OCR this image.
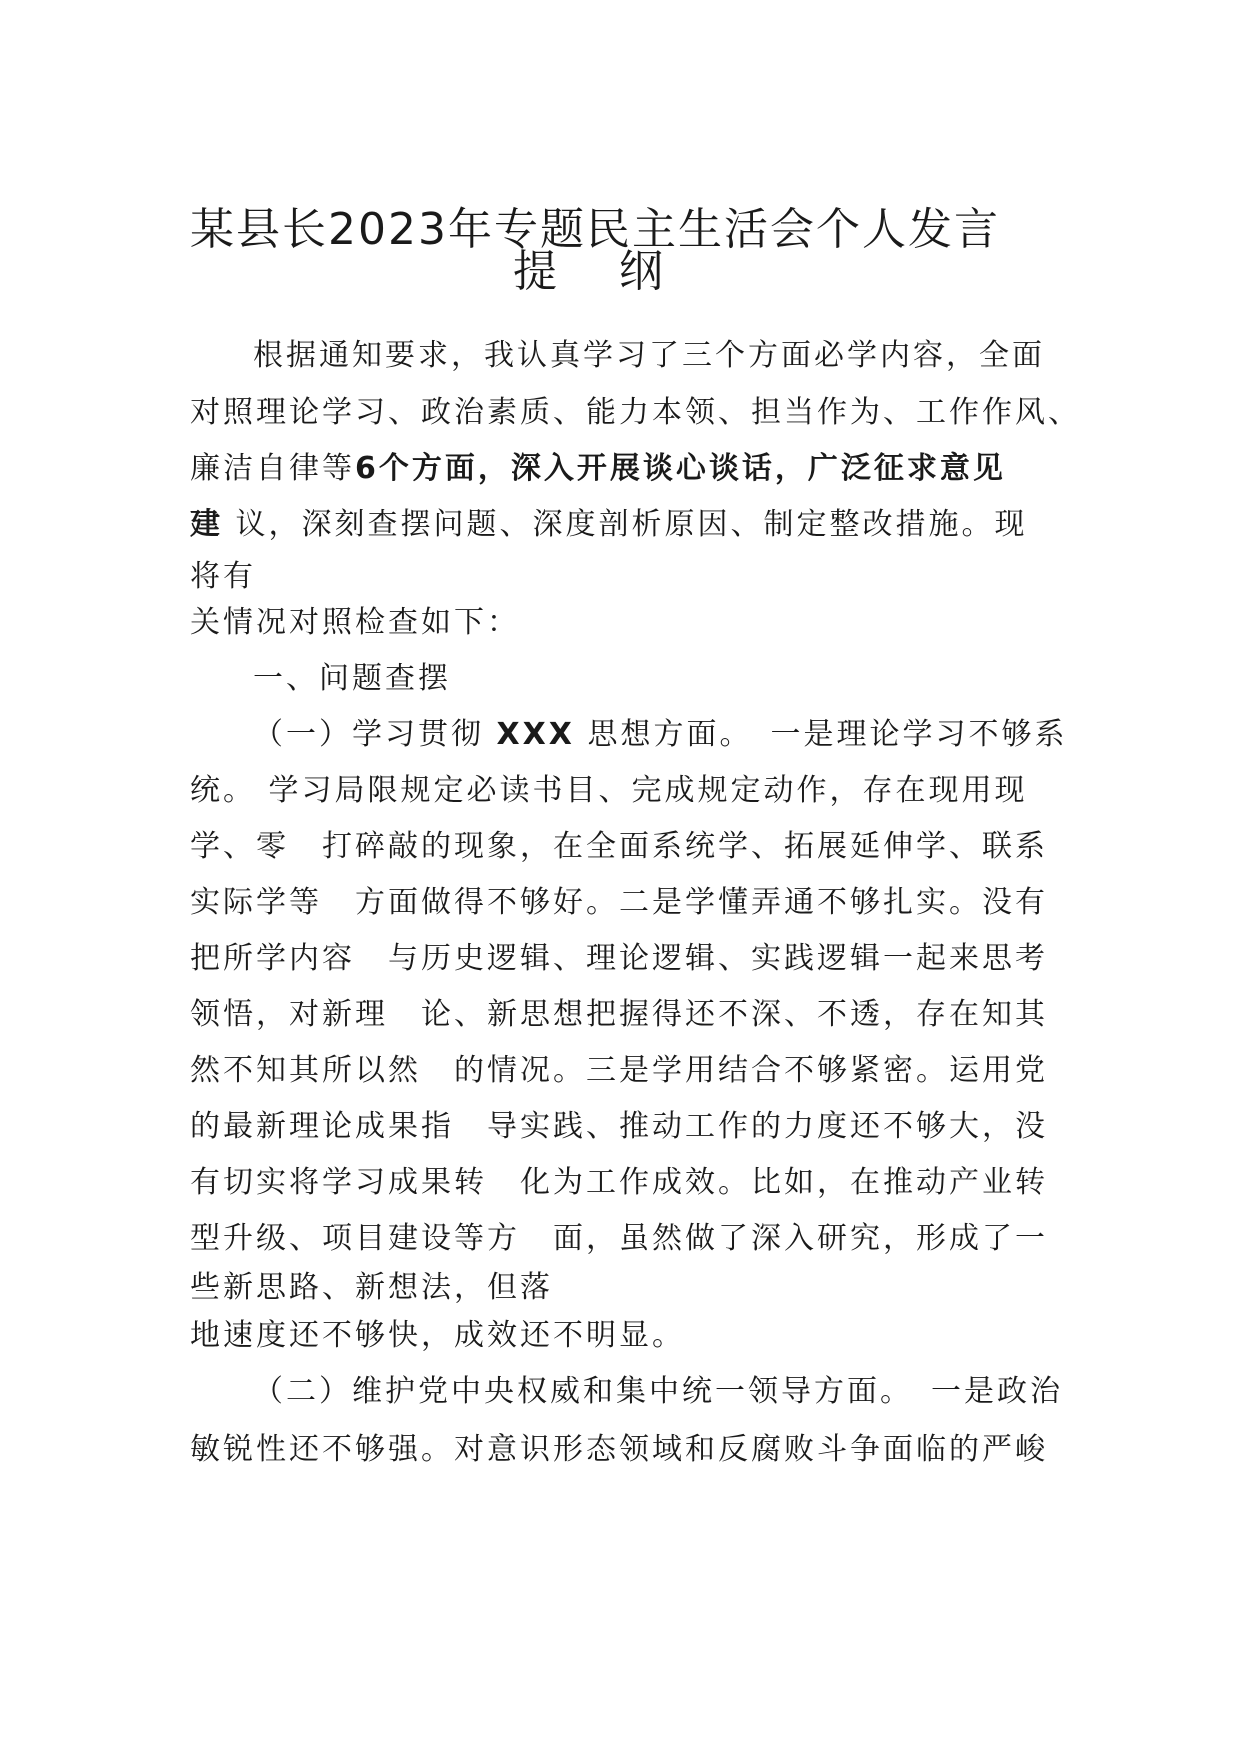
某县长2023年专题民主生活会个人发言
提 纲
根据通知要求，我认真学习了三个方面必学内容，全面
对照理论学习、政治素质、能力本领、担当作为、工作作风、
廉洁自律等6个方面，深入开展谈心谈话，广泛征求意见
建 议，深刻查摆问题、深度剖析原因、制定整改措施。现
将有
关情况对照检查如下：
一、问题查摆
（一）学习贯彻 XXX 思想方面。　一是理论学习不够系
统。 学习局限规定必读书目、完成规定动作，存在现用现
学、零　打碎敲的现象，在全面系统学、拓展延伸学、联系
实际学等　方面做得不够好。二是学懂弄通不够扎实。没有
把所学内容　与历史逻辑、理论逻辑、实践逻辑一起来思考
领悟，对新理　论、新思想把握得还不深、不透，存在知其
然不知其所以然　的情况。三是学用结合不够紧密。运用党
的最新理论成果指　导实践、推动工作的力度还不够大，没
有切实将学习成果转　化为工作成效。比如，在推动产业转
型升级、项目建设等方　面，虽然做了深入研究，形成了一
些新思路、新想法，但落
地速度还不够快，成效还不明显。
（二）维护党中央权威和集中统一领导方面。　一是政治
敏锐性还不够强。对意识形态领域和反腐败斗争面临的严峻
